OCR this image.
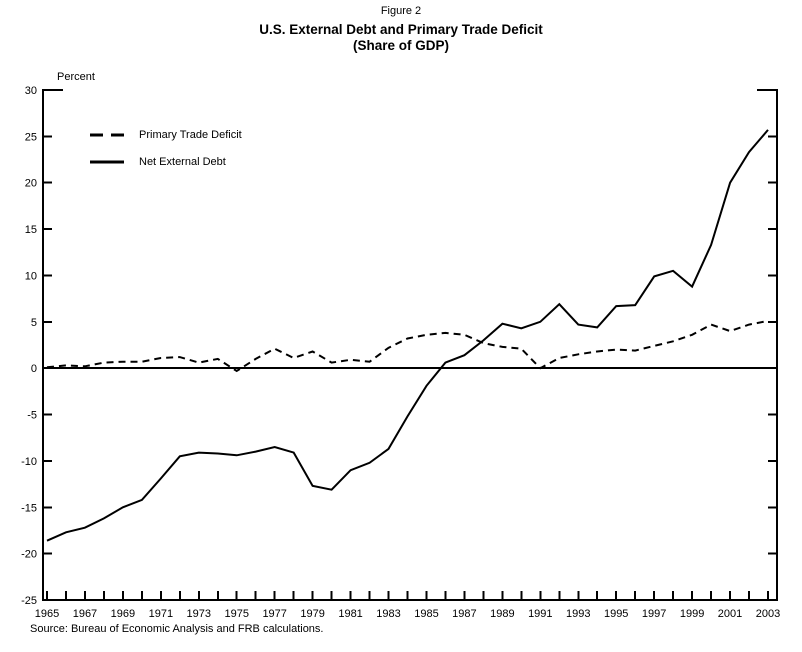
Figure 2
U.S. External Debt and Primary Trade Deficit
(Share of GDP)
Percent
-25
-20
-15
-10
-5
0
5
10
15
20
25
30
1965 1967 1969 1971 1973 1975 1977 1979 1981 1983 1985 1987 1989 1991 1993 1995 1997 1999 2001 2003
Primary Trade Deficit
Net External Debt
Source: Bureau of Economic Analysis and FRB calculations.
